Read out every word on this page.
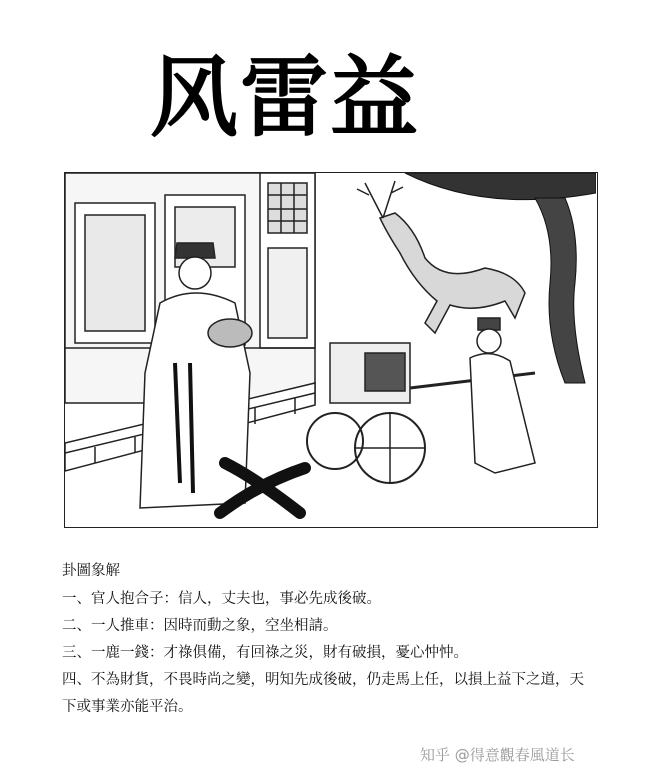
风雷益
卦圖象解
一、官人抱合子：信人，丈夫也，事必先成後破。
二、一人推車：因時而動之象，空坐相請。
三、一鹿一錢：才祿俱備，有回祿之災，財有破損，憂心忡忡。
四、不為財貨，不畏時尚之變，明知先成後破，仍走馬上任，以損上益下之道，天下或事業亦能平治。
知乎 @得意觀春風道长
